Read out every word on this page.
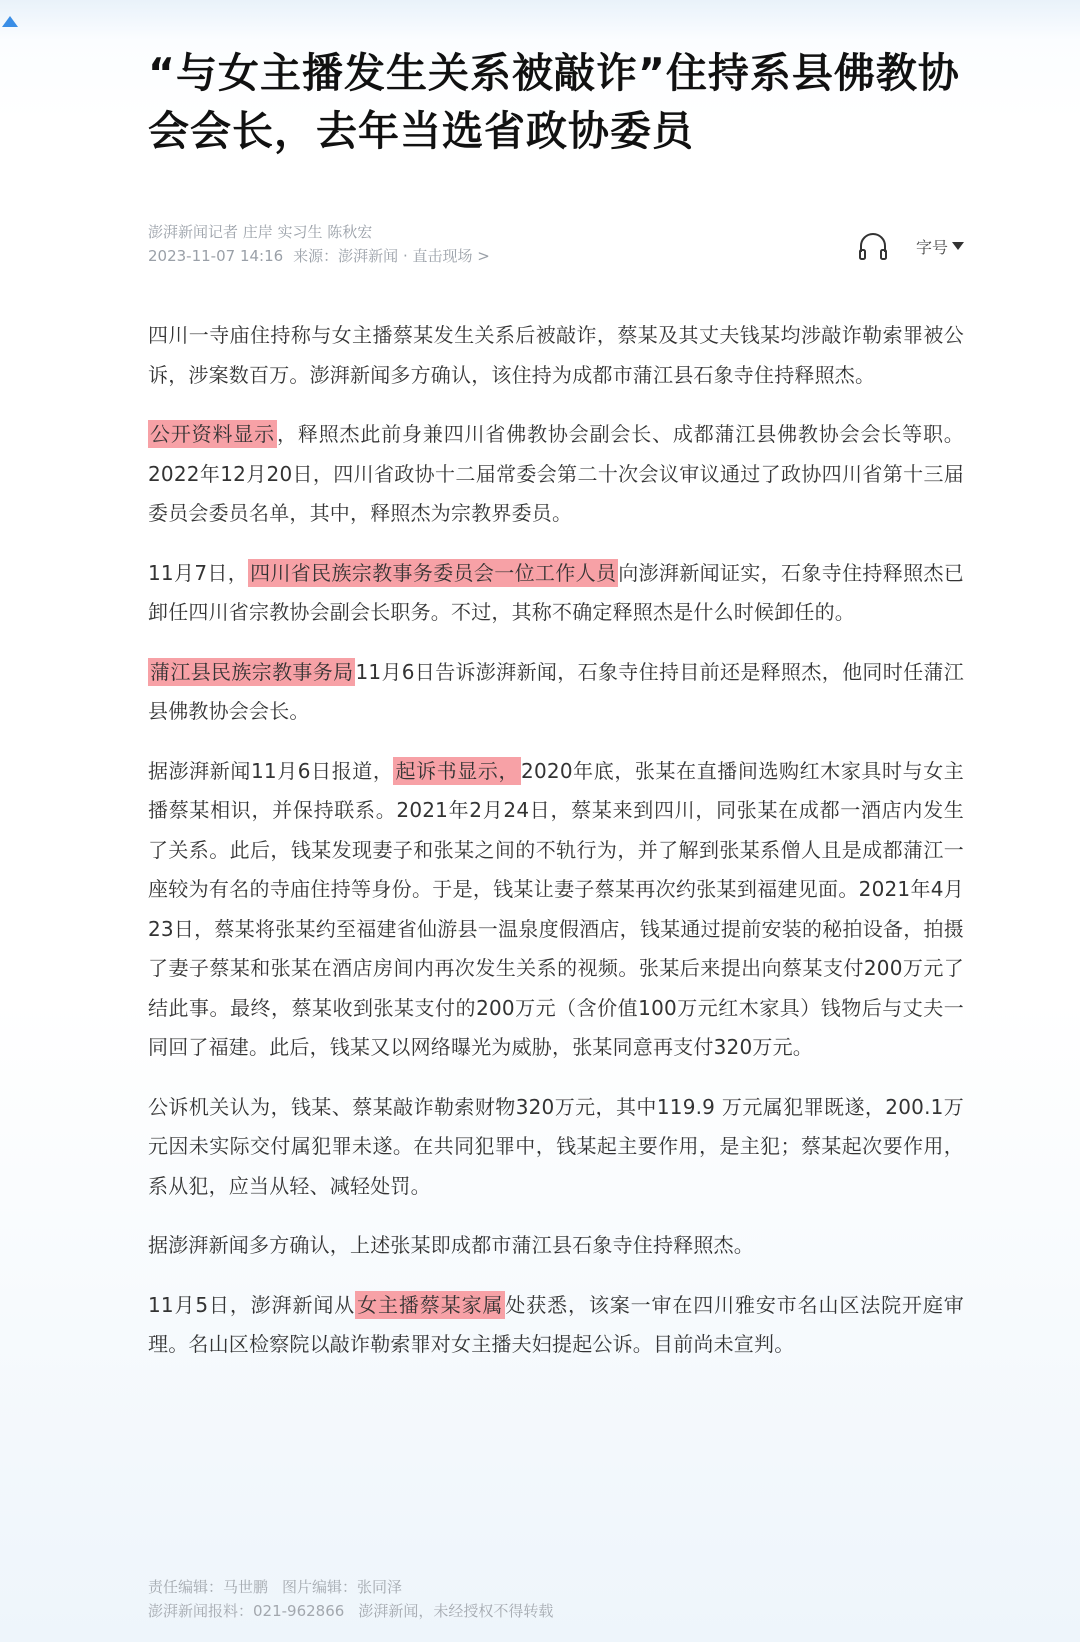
“与女主播发生关系被敲诈”住持系县佛教协会会长，去年当选省政协委员
澎湃新闻记者 庄岸 实习生 陈秋宏
2023-11-07 14:16 来源：澎湃新闻 · 直击现场 >	字号

四川一寺庙住持称与女主播蔡某发生关系后被敲诈，蔡某及其丈夫钱某均涉敲诈勒索罪被公诉，涉案数百万。澎湃新闻多方确认，该住持为成都市蒲江县石象寺住持释照杰。

公开资料显示 ，释照杰此前身兼四川省佛教协会副会长、成都蒲江县佛教协会会长等职。2022年12月20日，四川省政协十二届常委会第二十次会议审议通过了政协四川省第十三届委员会委员名单，其中，释照杰为宗教界委员。

11月7日， 四川省民族宗教事务委员会一位工作人员 向澎湃新闻证实，石象寺住持释照杰已卸任四川省宗教协会副会长职务。不过，其称不确定释照杰是什么时候卸任的。

蒲江县民族宗教事务局 11月6日告诉澎湃新闻，石象寺住持目前还是释照杰，他同时任蒲江县佛教协会会长。

据澎湃新闻11月6日报道， 起诉书显示， 2020年底，张某在直播间选购红木家具时与女主播蔡某相识，并保持联系。2021年2月24日，蔡某来到四川，同张某在成都一酒店内发生了关系。此后，钱某发现妻子和张某之间的不轨行为，并了解到张某系僧人且是成都蒲江一座较为有名的寺庙住持等身份。于是，钱某让妻子蔡某再次约张某到福建见面。2021年4月23日，蔡某将张某约至福建省仙游县一温泉度假酒店，钱某通过提前安装的秘拍设备，拍摄了妻子蔡某和张某在酒店房间内再次发生关系的视频。张某后来提出向蔡某支付200万元了结此事。最终，蔡某收到张某支付的200万元（含价值100万元红木家具）钱物后与丈夫一同回了福建。此后，钱某又以网络曝光为威胁，张某同意再支付320万元。

公诉机关认为，钱某、蔡某敲诈勒索财物320万元，其中119.9 万元属犯罪既遂，200.1万元因未实际交付属犯罪未遂。在共同犯罪中，钱某起主要作用，是主犯；蔡某起次要作用，系从犯，应当从轻、减轻处罚。

据澎湃新闻多方确认，上述张某即成都市蒲江县石象寺住持释照杰。

11月5日，澎湃新闻从 女主播蔡某家属 处获悉，该案一审在四川雅安市名山区法院开庭审理。名山区检察院以敲诈勒索罪对女主播夫妇提起公诉。目前尚未宣判。

责任编辑：马世鹏 图片编辑：张同泽
澎湃新闻报料：021-962866 澎湃新闻，未经授权不得转载
